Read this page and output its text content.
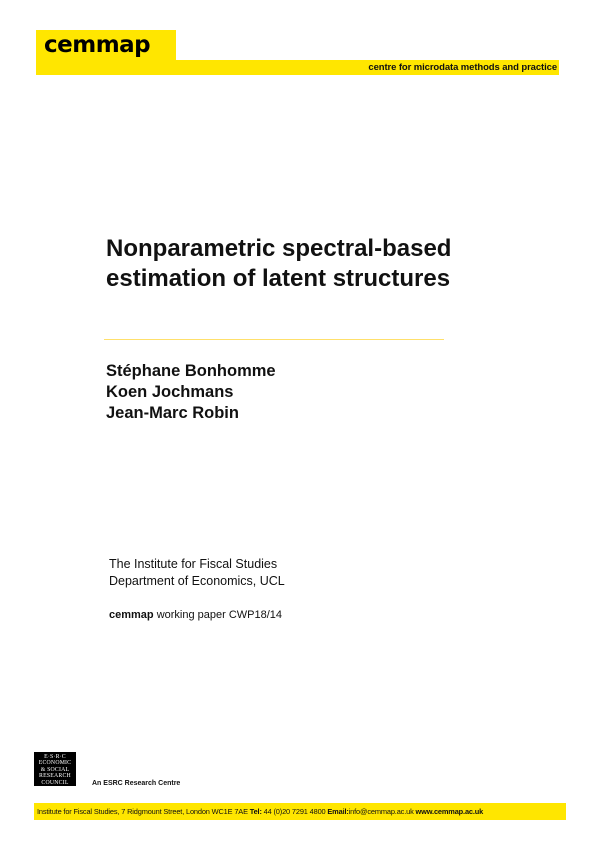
cemmap
centre for microdata methods and practice
Nonparametric spectral-based estimation of latent structures
Stéphane Bonhomme
Koen Jochmans
Jean-Marc Robin
The Institute for Fiscal Studies
Department of Economics, UCL
cemmap working paper CWP18/14
E·S·R·C
ECONOMIC
& SOCIAL
RESEARCH
COUNCIL	An ESRC Research Centre
Institute for Fiscal Studies, 7 Ridgmount Street, London WC1E 7AE Tel: 44 (0)20 7291 4800 Email:info@cemmap.ac.uk www.cemmap.ac.uk
